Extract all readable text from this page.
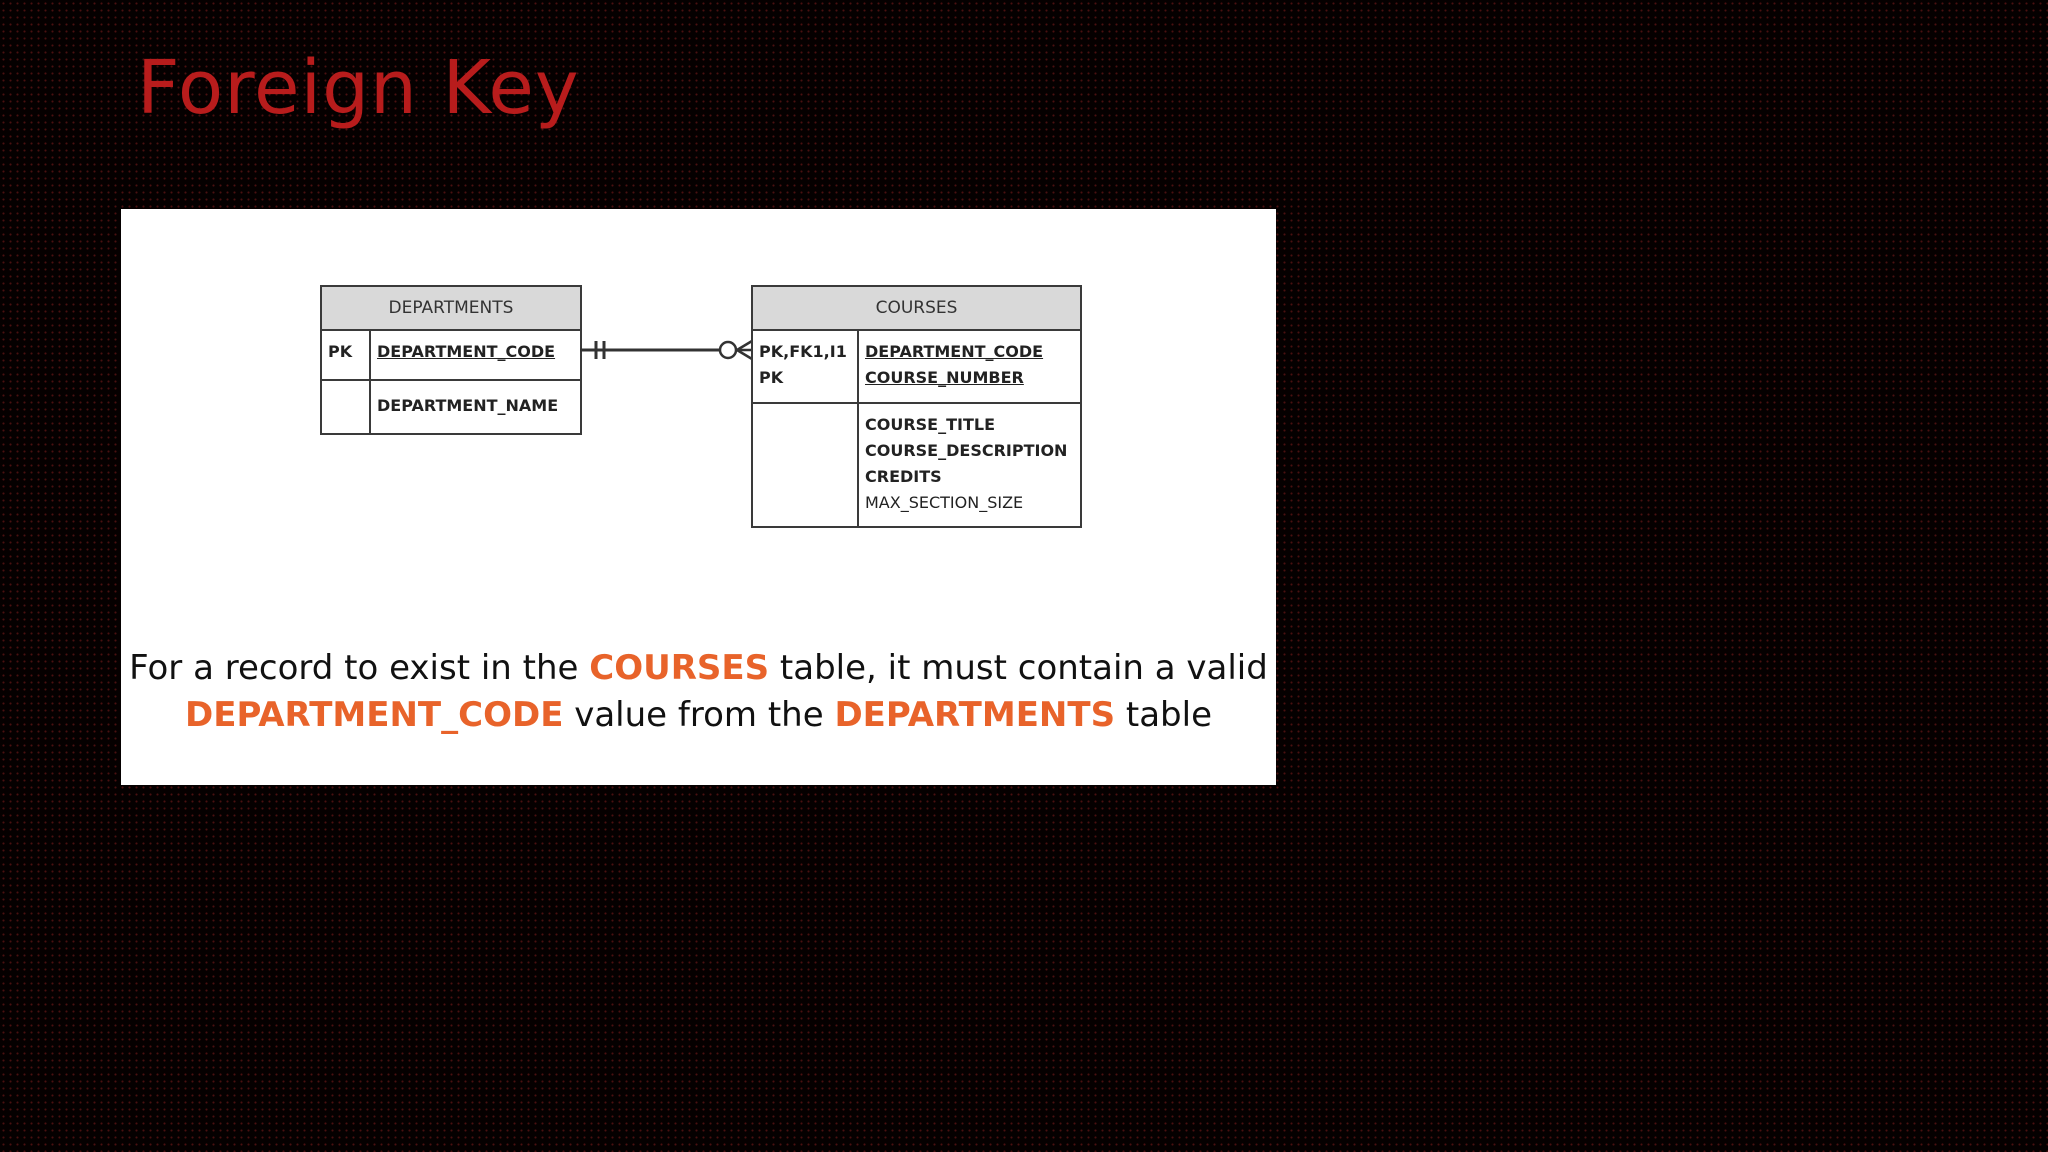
Foreign Key
DEPARTMENTS
PK	DEPARTMENT_CODE
DEPARTMENT_NAME
COURSES
PK,FK1,I1
PK
DEPARTMENT_CODE
COURSE_NUMBER
COURSE_TITLE
COURSE_DESCRIPTION
CREDITS
MAX_SECTION_SIZE

For a record to exist in the COURSES table, it must contain a valid
DEPARTMENT_CODE value from the DEPARTMENTS table
